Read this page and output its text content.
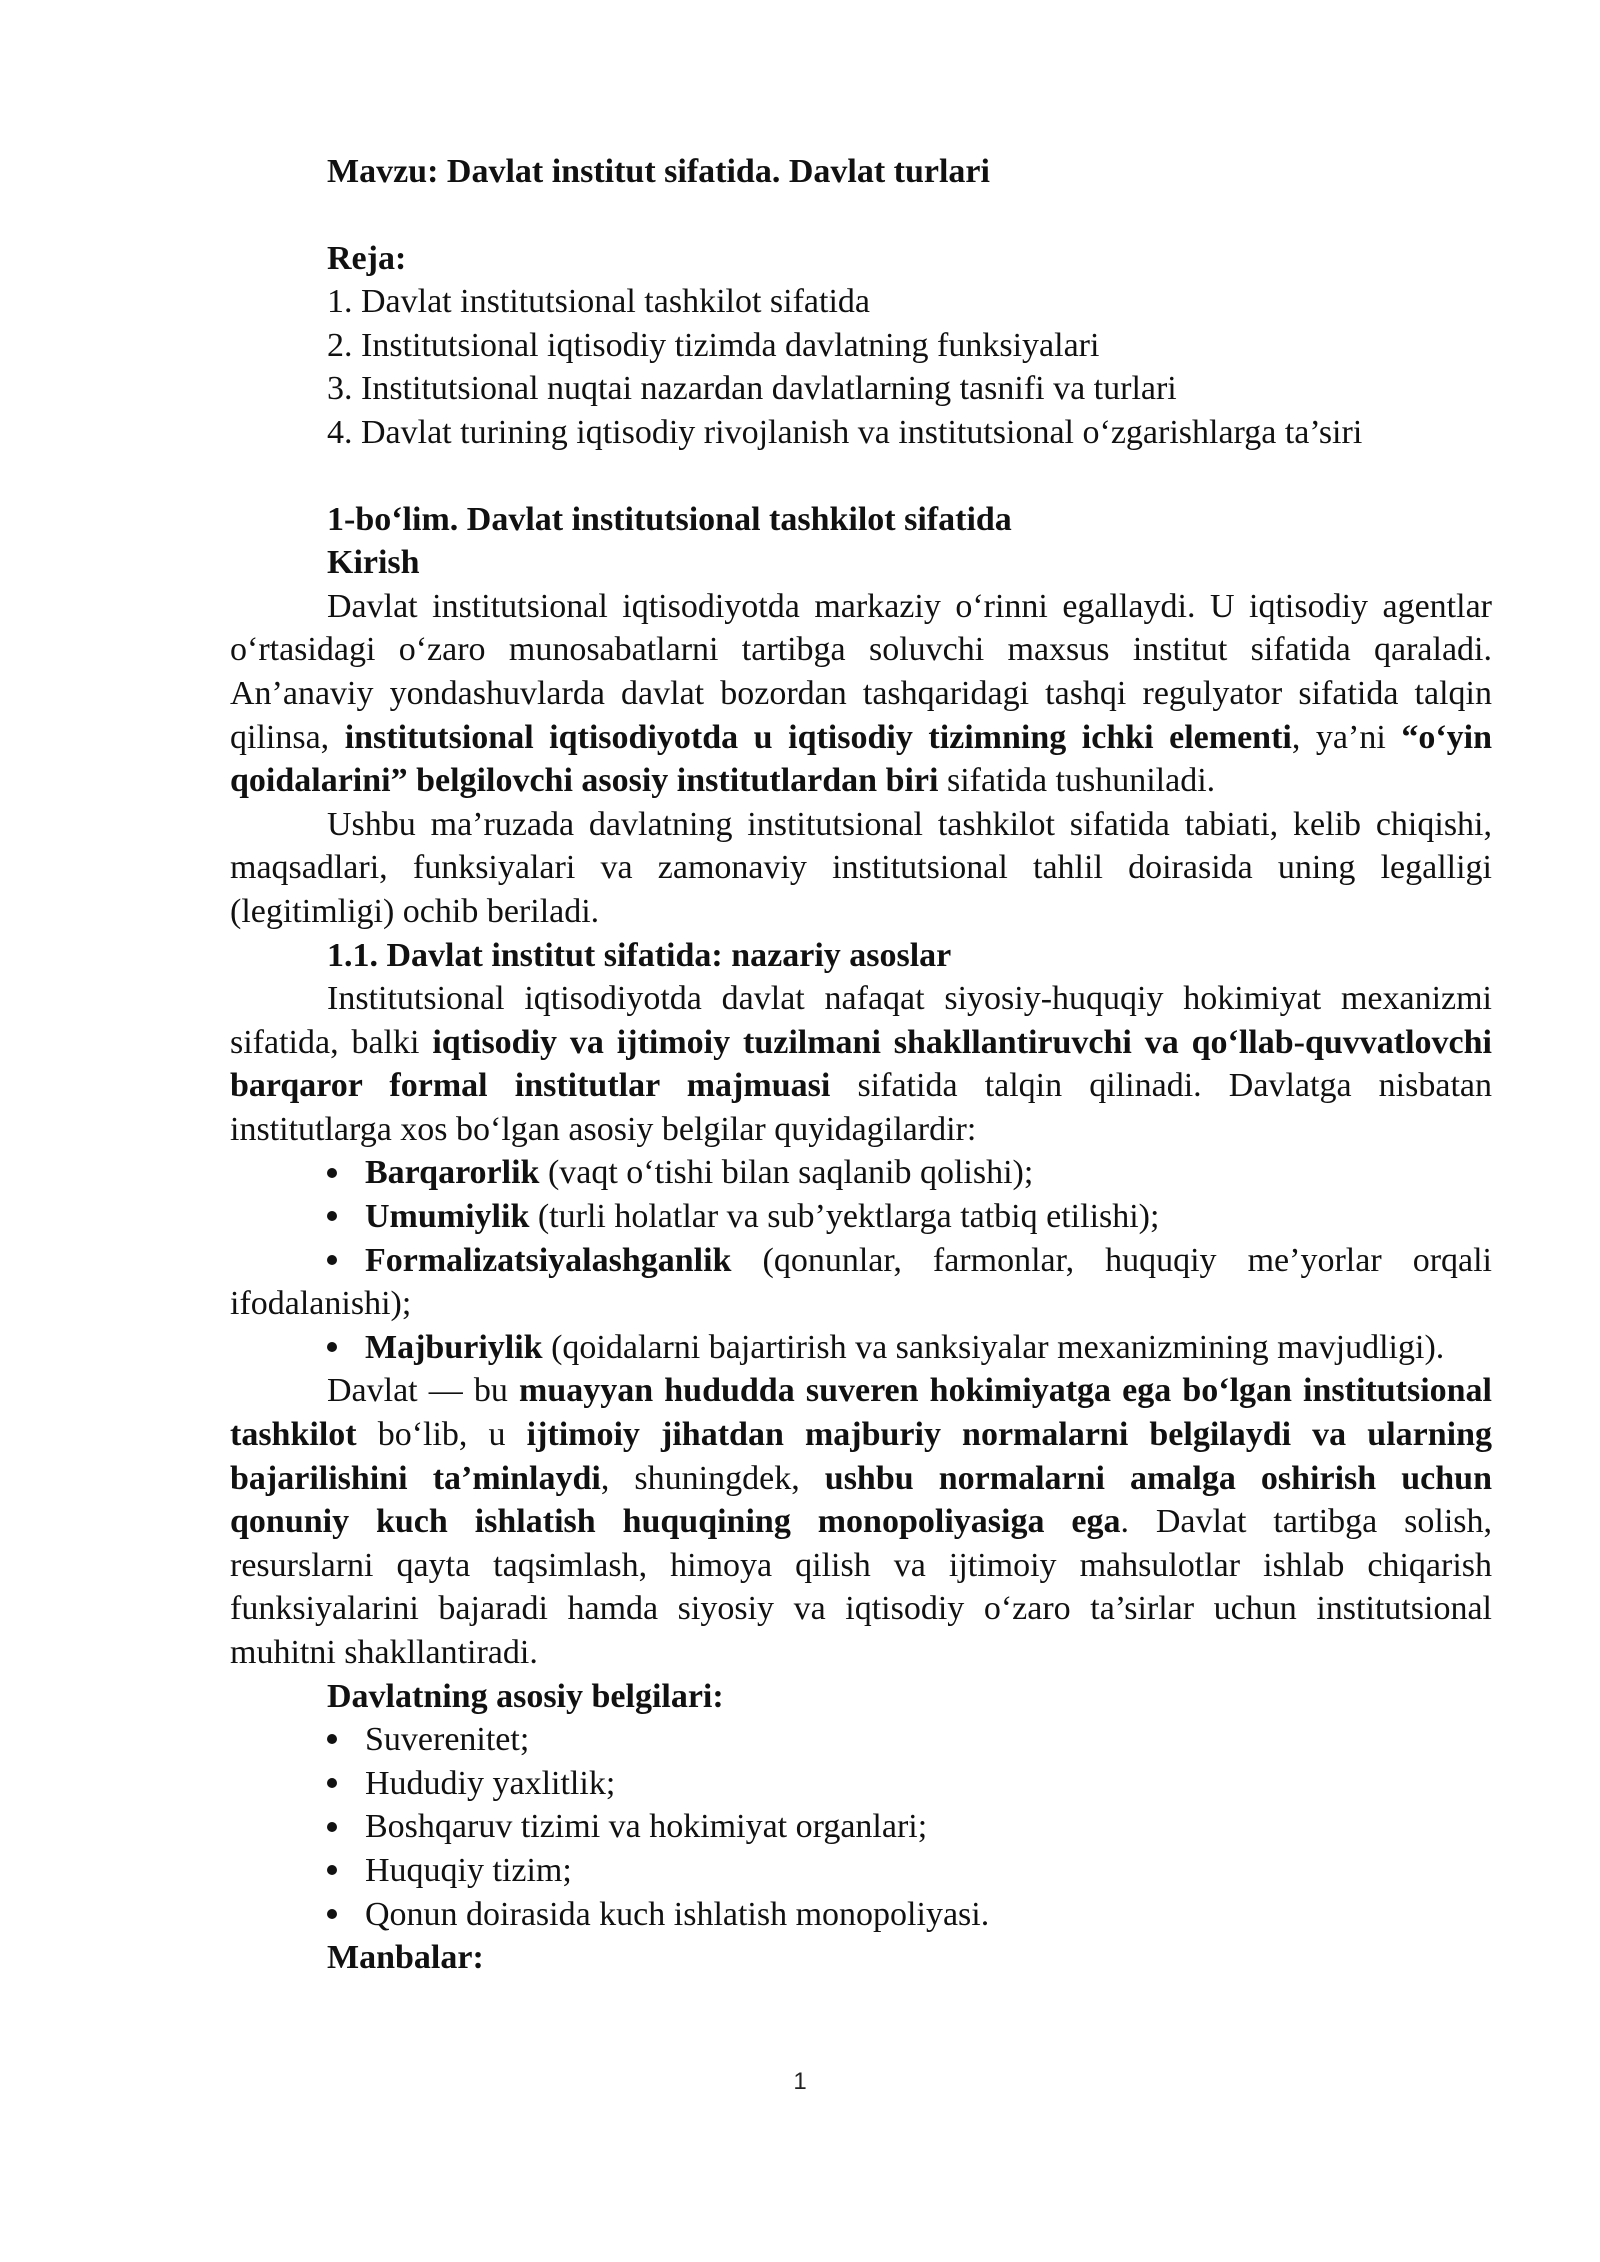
Mavzu: Davlat institut sifatida. Davlat turlari

Reja:

1. Davlat institutsional tashkilot sifatida

2. Institutsional iqtisodiy tizimda davlatning funksiyalari

3. Institutsional nuqtai nazardan davlatlarning tasnifi va turlari

4. Davlat turining iqtisodiy rivojlanish va institutsional o‘zgarishlarga ta’siri

1-bo‘lim. Davlat institutsional tashkilot sifatida

Kirish

Davlat institutsional iqtisodiyotda markaziy o‘rinni egallaydi. U iqtisodiy agentlar o‘rtasidagi o‘zaro munosabatlarni tartibga soluvchi maxsus institut sifatida qaraladi. An’anaviy yondashuvlarda davlat bozordan tashqaridagi tashqi regulyator sifatida talqin qilinsa, institutsional iqtisodiyotda u iqtisodiy tizimning ichki elementi, ya’ni “o‘yin qoidalarini” belgilovchi asosiy institutlardan biri sifatida tushuniladi.

Ushbu ma’ruzada davlatning institutsional tashkilot sifatida tabiati, kelib chiqishi, maqsadlari, funksiyalari va zamonaviy institutsional tahlil doirasida uning legalligi (legitimligi) ochib beriladi.

1.1. Davlat institut sifatida: nazariy asoslar

Institutsional iqtisodiyotda davlat nafaqat siyosiy-huquqiy hokimiyat mexanizmi sifatida, balki iqtisodiy va ijtimoiy tuzilmani shakllantiruvchi va qo‘llab-quvvatlovchi barqaror formal institutlar majmuasi sifatida talqin qilinadi. Davlatga nisbatan institutlarga xos bo‘lgan asosiy belgilar quyidagilardir:

Barqarorlik (vaqt o‘tishi bilan saqlanib qolishi);

Umumiylik (turli holatlar va sub’yektlarga tatbiq etilishi);

Formalizatsiyalashganlik (qonunlar, farmonlar, huquqiy me’yorlar orqali ifodalanishi);

Majburiylik (qoidalarni bajartirish va sanksiyalar mexanizmining mavjudligi).

Davlat — bu muayyan hududda suveren hokimiyatga ega bo‘lgan institutsional tashkilot bo‘lib, u ijtimoiy jihatdan majburiy normalarni belgilaydi va ularning bajarilishini ta’minlaydi, shuningdek, ushbu normalarni amalga oshirish uchun qonuniy kuch ishlatish huquqining monopoliyasiga ega. Davlat tartibga solish, resurslarni qayta taqsimlash, himoya qilish va ijtimoiy mahsulotlar ishlab chiqarish funksiyalarini bajaradi hamda siyosiy va iqtisodiy o‘zaro ta’sirlar uchun institutsional muhitni shakllantiradi.

Davlatning asosiy belgilari:

Suverenitet;

Hududiy yaxlitlik;

Boshqaruv tizimi va hokimiyat organlari;

Huquqiy tizim;

Qonun doirasida kuch ishlatish monopoliyasi.

Manbalar:

1
